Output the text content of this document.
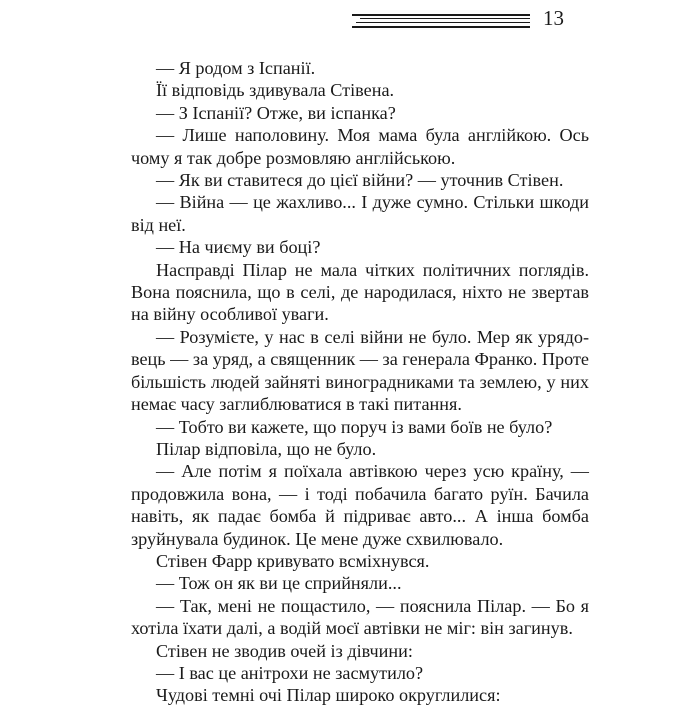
13

— Я родом з Іспанії.

Її відповідь здивувала Стівена.

— З Іспанії? Отже, ви іспанка?

— Лише наполовину. Моя мама була англійкою. Ось чому я так добре розмовляю англійською.

— Як ви ставитеся до цієї війни? — уточнив Стівен.

— Війна — це жахливо... І дуже сумно. Стільки шкоди від неї.

— На чиєму ви боці?

Насправді Пілар не мала чітких політичних поглядів. Вона пояснила, що в селі, де народилася, ніхто не звертав на війну особливої уваги.

— Розумієте, у нас в селі війни не було. Мер як урядовець — за уряд, а священник — за генерала Франко. Проте більшість людей зайняті виноградниками та землею, у них немає часу заглиблюватися в такі питання.

— Тобто ви кажете, що поруч із вами боїв не було?

Пілар відповіла, що не було.

— Але потім я поїхала автівкою через усю країну, — продовжила вона, — і тоді побачила багато руїн. Бачила навіть, як падає бомба й підриває авто... А інша бомба зруйнувала будинок. Це мене дуже схвилювало.

Стівен Фарр кривувато всміхнувся.

— Тож он як ви це сприйняли...

— Так, мені не пощастило, — пояснила Пілар. — Бо я хотіла їхати далі, а водій моєї автівки не міг: він загинув.

Стівен не зводив очей із дівчини:

— І вас це анітрохи не засмутило?

Чудові темні очі Пілар широко округлилися:
